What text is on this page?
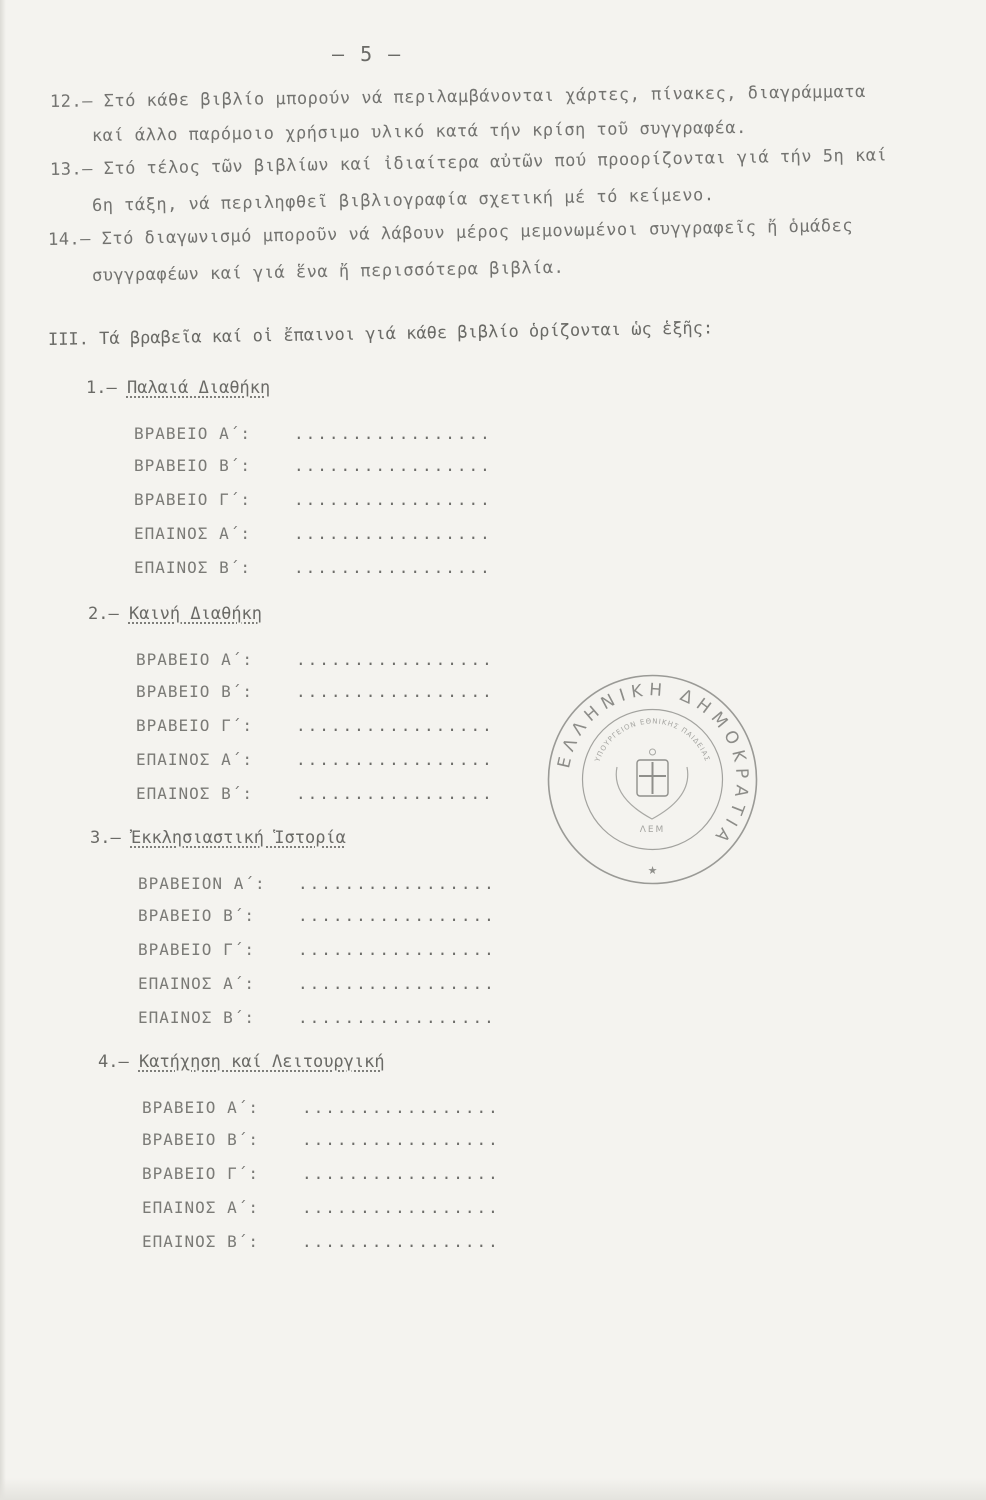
— 5 —
12.— Στό κάθε βιβλίο μπορούν νά περιλαμβάνονται χάρτες, πίνακες, διαγράμματα
καί άλλο παρόμοιο χρήσιμο υλικό κατά τήν κρίση τοῦ συγγραφέα.
13.— Στό τέλος τῶν βιβλίων καί ἰδιαίτερα αὐτῶν πού προορίζονται γιά τήν 5η καί
6η τάξη, νά περιληφθεῖ βιβλιογραφία σχετική μέ τό κείμενο.
14.— Στό διαγωνισμό μποροῦν νά λάβουν μέρος μεμονωμένοι συγγραφεῖς ἤ ὁμάδες
συγγραφέων καί γιά ἕνα ἤ περισσότερα βιβλία.
III. Τά βραβεῖα καί οἱ ἔπαινοι γιά κάθε βιβλίο ὁρίζονται ὡς ἑξῆς:
1.— Παλαιά Διαθήκη
ΒΡΑΒΕΙΟ Α΄:	.................
ΒΡΑΒΕΙΟ Β΄:	.................
ΒΡΑΒΕΙΟ Γ΄:	.................
ΕΠΑΙΝΟΣ Α΄:	.................
ΕΠΑΙΝΟΣ Β΄:	.................
2.— Καινή Διαθήκη
ΒΡΑΒΕΙΟ Α΄:	.................
ΒΡΑΒΕΙΟ Β΄:	.................
ΒΡΑΒΕΙΟ Γ΄:	.................
ΕΠΑΙΝΟΣ Α΄:	.................
ΕΠΑΙΝΟΣ Β΄:	.................
3.— Ἐκκλησιαστική Ἱστορία
ΒΡΑΒΕΙΟΝ Α΄: .................
ΒΡΑΒΕΙΟ Β΄:	.................
ΒΡΑΒΕΙΟ Γ΄:	.................
ΕΠΑΙΝΟΣ Α΄:	.................
ΕΠΑΙΝΟΣ Β΄:	.................
4.— Κατήχηση καί Λειτουργική
ΒΡΑΒΕΙΟ Α΄:	.................
ΒΡΑΒΕΙΟ Β΄:	.................
ΒΡΑΒΕΙΟ Γ΄:	.................
ΕΠΑΙΝΟΣ Α΄:	.................
ΕΠΑΙΝΟΣ Β΄:	.................
ΕΛΛΗΝΙΚΗ ΔΗΜΟΚΡΑΤΙΑ
ΥΠΟΥΡΓΕΙΟΝ ΕΘΝΙΚΗΣ ΠΑΙΔΕΙΑΣ
ΛΕΜ
★
